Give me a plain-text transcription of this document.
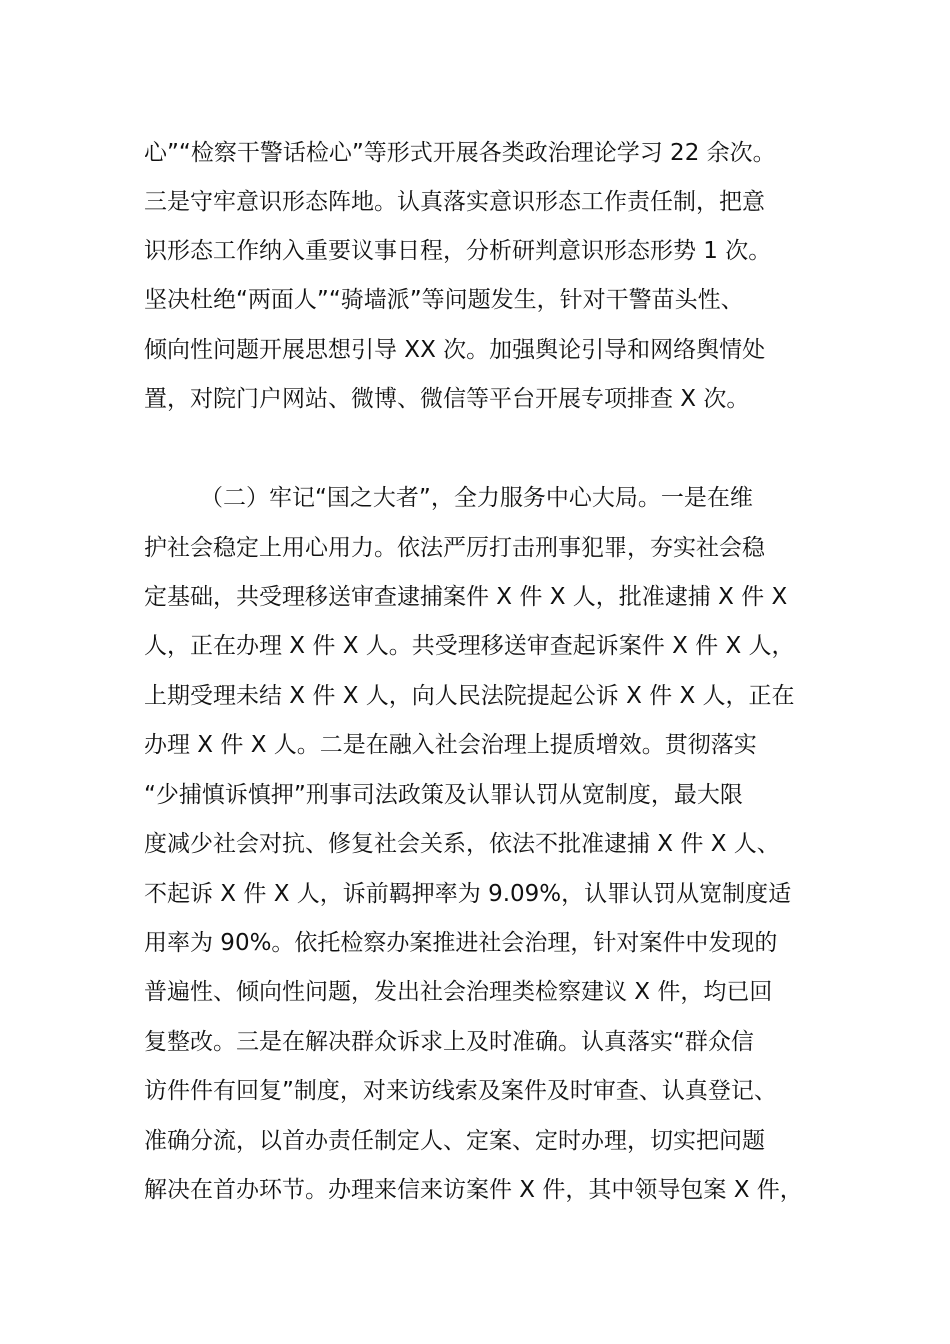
心”“检察干警话检心”等形式开展各类政治理论学习 22 余次。
三是守牢意识形态阵地。认真落实意识形态工作责任制，把意
识形态工作纳入重要议事日程，分析研判意识形态形势 1 次。
坚决杜绝“两面人”“骑墙派”等问题发生，针对干警苗头性、
倾向性问题开展思想引导 XX 次。加强舆论引导和网络舆情处
置，对院门户网站、微博、微信等平台开展专项排查 X 次。
（二）牢记“国之大者”，全力服务中心大局。一是在维
护社会稳定上用心用力。依法严厉打击刑事犯罪，夯实社会稳
定基础，共受理移送审查逮捕案件 X 件 X 人，批准逮捕 X 件 X
人，正在办理 X 件 X 人。共受理移送审查起诉案件 X 件 X 人，
上期受理未结 X 件 X 人，向人民法院提起公诉 X 件 X 人，正在
办理 X 件 X 人。二是在融入社会治理上提质增效。贯彻落实
“少捕慎诉慎押”刑事司法政策及认罪认罚从宽制度，最大限
度减少社会对抗、修复社会关系，依法不批准逮捕 X 件 X 人、
不起诉 X 件 X 人，诉前羁押率为 9.09%，认罪认罚从宽制度适
用率为 90%。依托检察办案推进社会治理，针对案件中发现的
普遍性、倾向性问题，发出社会治理类检察建议 X 件，均已回
复整改。三是在解决群众诉求上及时准确。认真落实“群众信
访件件有回复”制度，对来访线索及案件及时审查、认真登记、
准确分流，以首办责任制定人、定案、定时办理，切实把问题
解决在首办环节。办理来信来访案件 X 件，其中领导包案 X 件，
